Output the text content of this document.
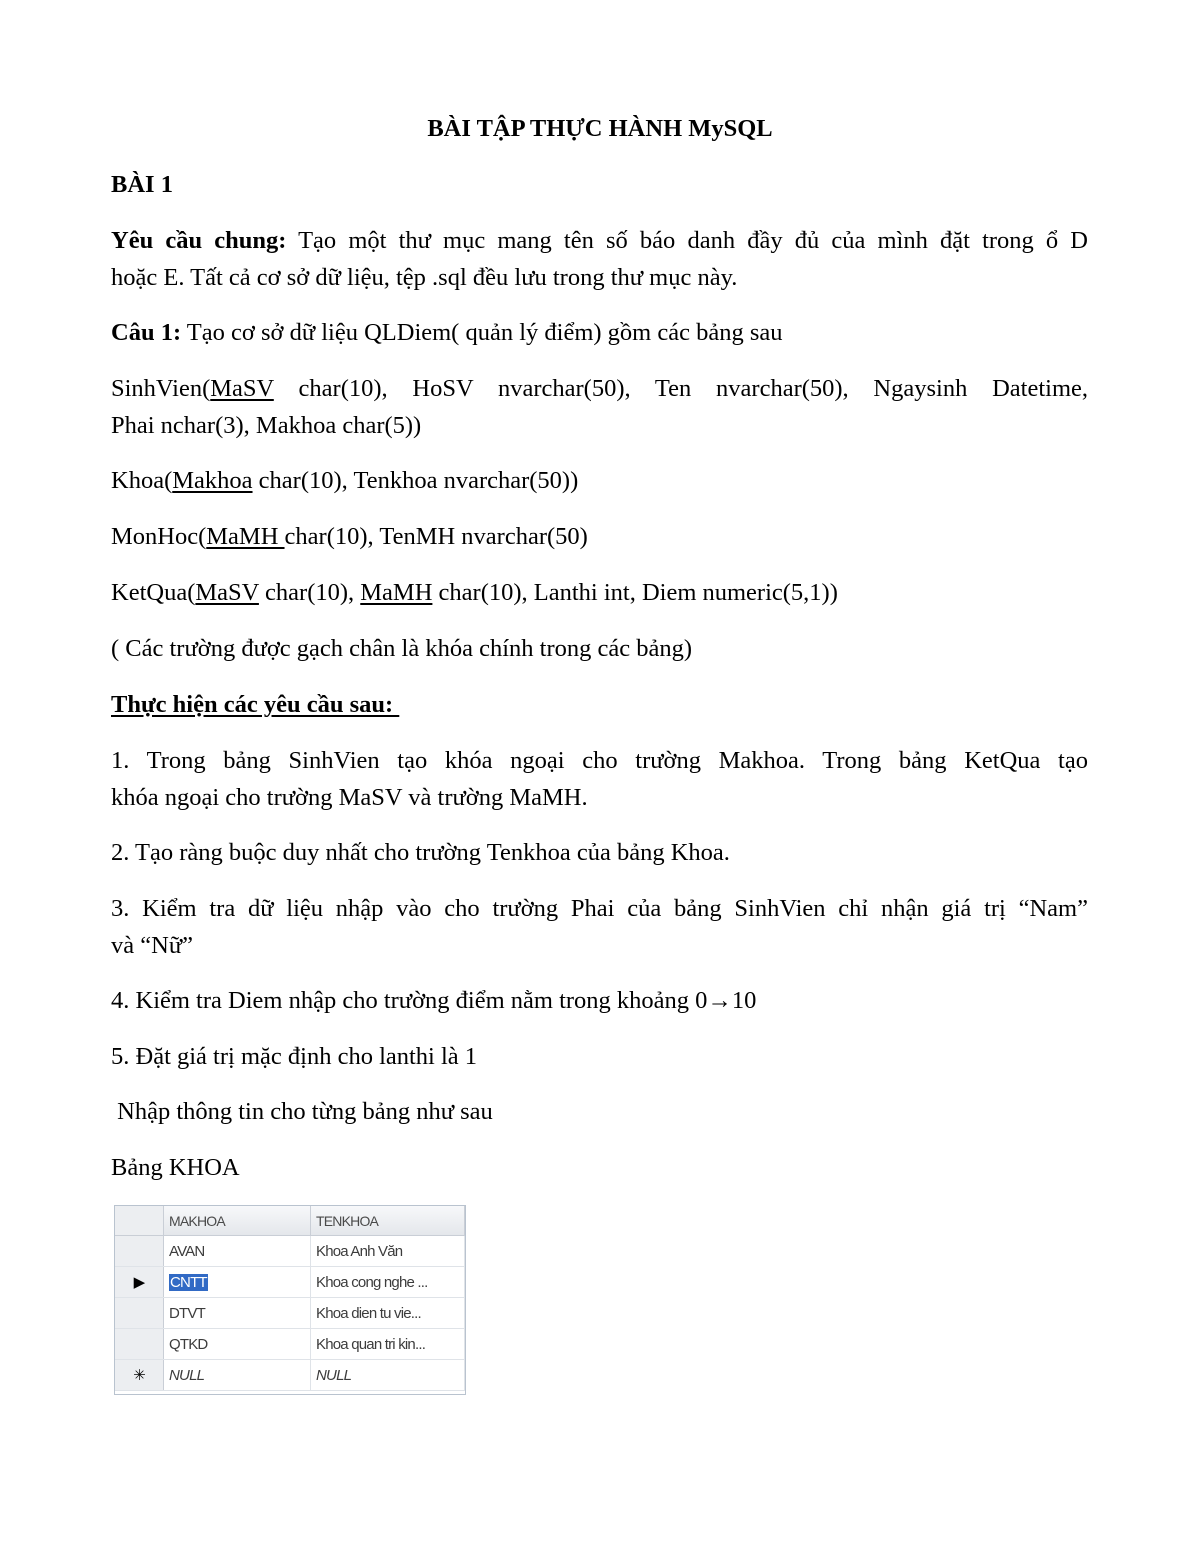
BÀI TẬP THỰC HÀNH MySQL
BÀI 1
Yêu cầu chung: Tạo một thư mục mang tên số báo danh đầy đủ của mình đặt trong ổ D
hoặc E. Tất cả cơ sở dữ liệu, tệp .sql đều lưu trong thư mục này.
Câu 1: Tạo cơ sở dữ liệu QLDiem( quản lý điểm) gồm các bảng sau
SinhVien(MaSV char(10), HoSV nvarchar(50), Ten nvarchar(50), Ngaysinh Datetime,
Phai nchar(3), Makhoa char(5))
Khoa(Makhoa char(10), Tenkhoa nvarchar(50))
MonHoc(MaMH char(10), TenMH nvarchar(50)
KetQua(MaSV char(10), MaMH char(10), Lanthi int, Diem numeric(5,1))
( Các trường được gạch chân là khóa chính trong các bảng)
Thực hiện các yêu cầu sau:
1. Trong bảng SinhVien tạo khóa ngoại cho trường Makhoa. Trong bảng KetQua tạo
khóa ngoại cho trường MaSV và trường MaMH.
2. Tạo ràng buộc duy nhất cho trường Tenkhoa của bảng Khoa.
3. Kiểm tra dữ liệu nhập vào cho trường Phai của bảng SinhVien chỉ nhận giá trị “Nam”
và “Nữ”
4. Kiểm tra Diem nhập cho trường điểm nằm trong khoảng 0→10
5. Đặt giá trị mặc định cho lanthi là 1
Nhập thông tin cho từng bảng như sau
Bảng KHOA
	MAKHOA	TENKHOA
	AVAN	Khoa Anh Văn
▶	CNTT	Khoa cong nghe ...
	DTVT	Khoa dien tu vie...
	QTKD	Khoa quan tri kin...
✳	NULL	NULL
